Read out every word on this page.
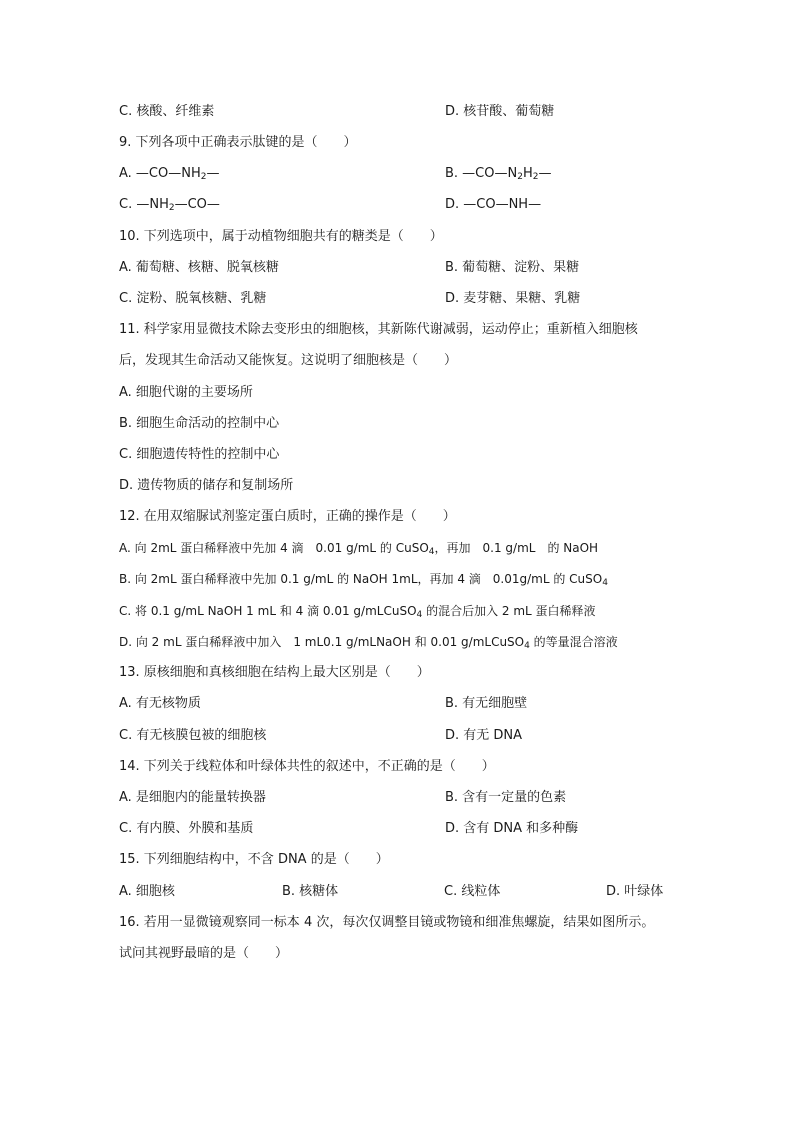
C. 核酸、纤维素	D. 核苷酸、葡萄糖
9. 下列各项中正确表示肽键的是（　　）
A. $—CO—NH_2—$	B. $—CO—N_2H_2—$
C. $—NH_2—CO—$	D. —CO—NH—
10. 下列选项中，属于动植物细胞共有的糖类是（　　）
A. 葡萄糖、核糖、脱氧核糖	B. 葡萄糖、淀粉、果糖
C. 淀粉、脱氧核糖、乳糖	D. 麦芽糖、果糖、乳糖
11. 科学家用显微技术除去变形虫的细胞核，其新陈代谢减弱，运动停止；重新植入细胞核
后，发现其生命活动又能恢复。这说明了细胞核是（　　）
A. 细胞代谢的主要场所
B. 细胞生命活动的控制中心
C. 细胞遗传特性的控制中心
D. 遗传物质的储存和复制场所
12. 在用双缩脲试剂鉴定蛋白质时，正确的操作是（　　）
A. 向 2mL 蛋白稀释液中先加 4 滴　0.01 g/mL 的 CuSO$_4$，再加　0.1 g/mL　的 NaOH
B. 向 2mL 蛋白稀释液中先加 0.1 g/mL 的 NaOH 1mL，再加 4 滴　0.01g/mL 的 CuSO$_4$
C. 将 0.1 g/mL NaOH 1 mL 和 4 滴 0.01 g/mLCuSO$_4$ 的混合后加入 2 mL 蛋白稀释液
D. 向 2 mL 蛋白稀释液中加入　1 mL0.1 g/mLNaOH 和 0.01 g/mLCuSO$_4$ 的等量混合溶液
13. 原核细胞和真核细胞在结构上最大区别是（　　）
A. 有无核物质	B. 有无细胞壁
C. 有无核膜包被的细胞核	D. 有无 DNA
14. 下列关于线粒体和叶绿体共性的叙述中，不正确的是（　　）
A. 是细胞内的能量转换器	B. 含有一定量的色素
C. 有内膜、外膜和基质	D. 含有 DNA 和多种酶
15. 下列细胞结构中，不含 DNA 的是（　　）
A. 细胞核	B. 核糖体	C. 线粒体	D. 叶绿体
16. 若用一显微镜观察同一标本 4 次，每次仅调整目镜或物镜和细准焦螺旋，结果如图所示。
试问其视野最暗的是（　　）
